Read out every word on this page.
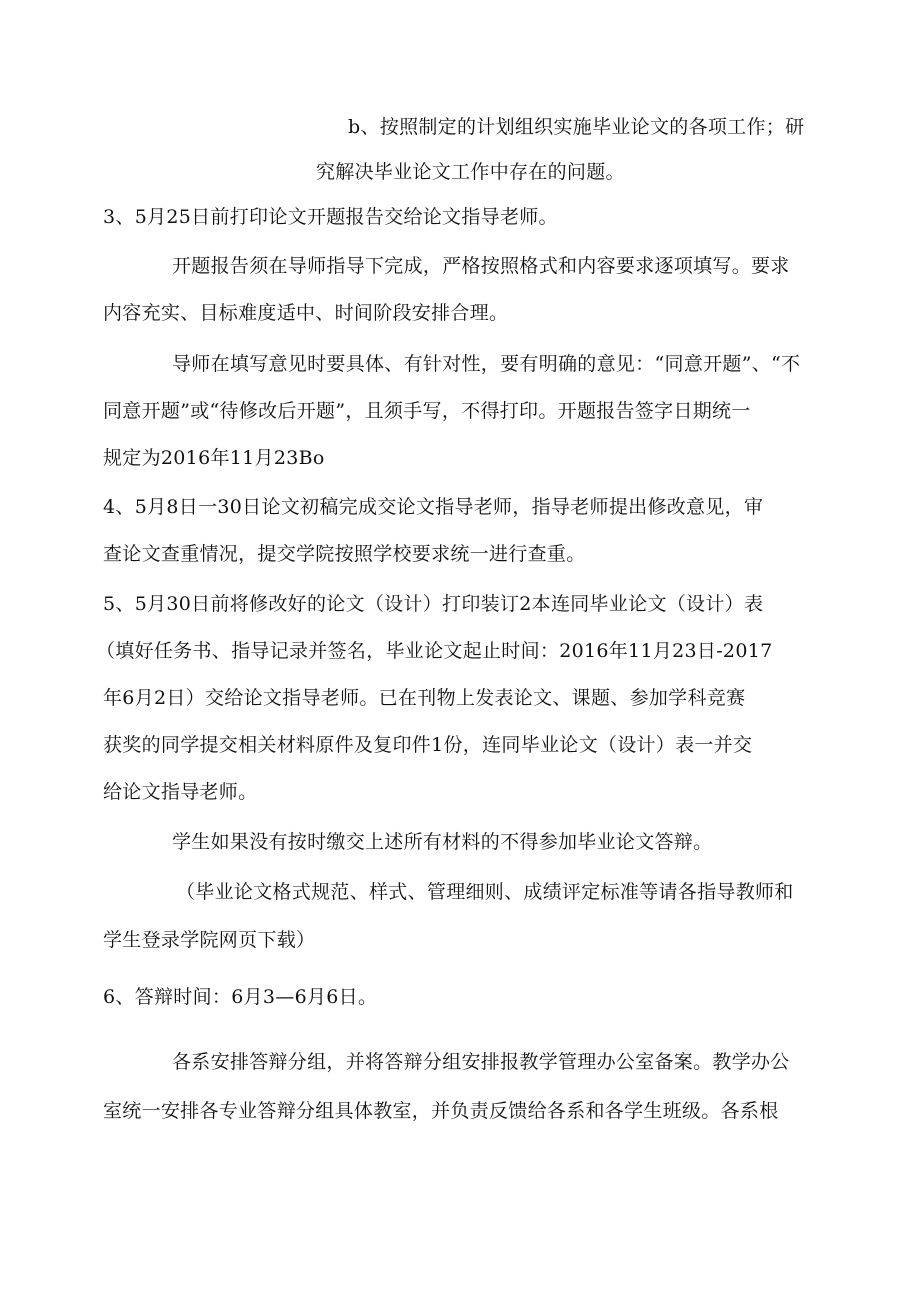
b、按照制定的计划组织实施毕业论文的各项工作；研

究解决毕业论文工作中存在的问题。

3、5月25日前打印论文开题报告交给论文指导老师。

开题报告须在导师指导下完成，严格按照格式和内容要求逐项填写。要求

内容充实、目标难度适中、时间阶段安排合理。

导师在填写意见时要具体、有针对性，要有明确的意见：“同意开题”、“不

同意开题”或“待修改后开题”，且须手写，不得打印。开题报告签字日期统一

规定为2016年11月23Bo

4、5月8日一30日论文初稿完成交论文指导老师，指导老师提出修改意见，审

查论文查重情况，提交学院按照学校要求统一进行查重。

5、5月30日前将修改好的论文（设计）打印装订2本连同毕业论文（设计）表

（填好任务书、指导记录并签名，毕业论文起止时间：2016年11月23日-2017

年6月2日）交给论文指导老师。已在刊物上发表论文、课题、参加学科竞赛

获奖的同学提交相关材料原件及复印件1份，连同毕业论文（设计）表一并交

给论文指导老师。

学生如果没有按时缴交上述所有材料的不得参加毕业论文答辩。

（毕业论文格式规范、样式、管理细则、成绩评定标准等请各指导教师和

学生登录学院网页下载）

6、答辩时间：6月3—6月6日。

各系安排答辩分组，并将答辩分组安排报教学管理办公室备案。教学办公

室统一安排各专业答辩分组具体教室，并负责反馈给各系和各学生班级。各系根
